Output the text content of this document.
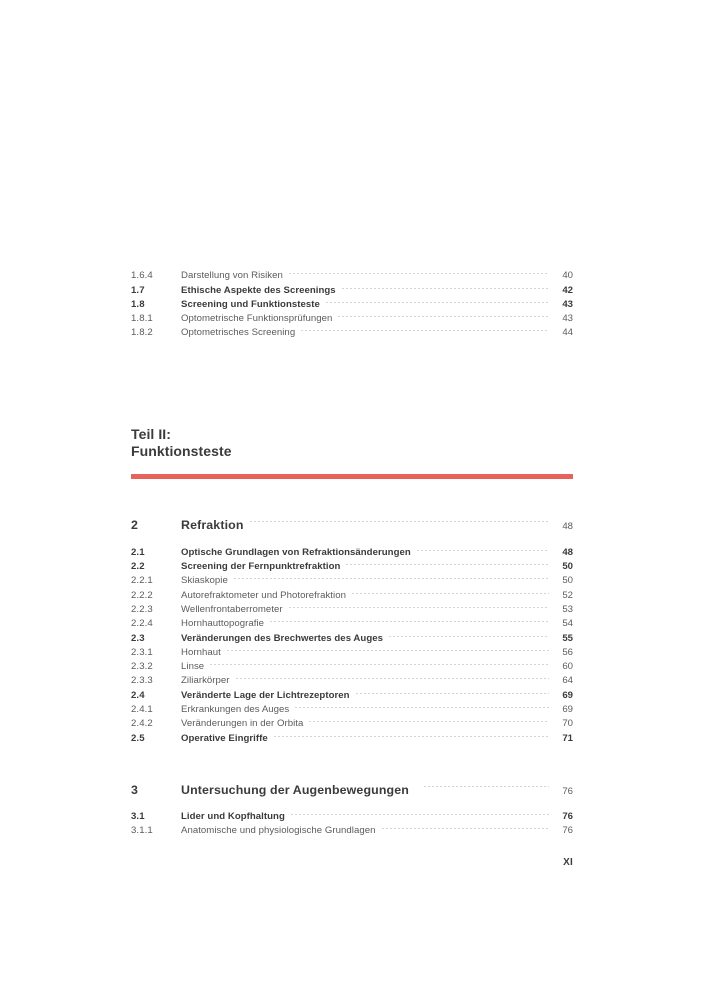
1.6.4	Darstellung von Risiken	40
1.7	Ethische Aspekte des Screenings	42
1.8	Screening und Funktionsteste	43
1.8.1	Optometrische Funktionsprüfungen	43
1.8.2	Optometrisches Screening	44
Teil II:
Funktionsteste
2	Refraktion	48
2.1	Optische Grundlagen von Refraktionsänderungen	48
2.2	Screening der Fernpunktrefraktion	50
2.2.1	Skiaskopie	50
2.2.2	Autorefraktometer und Photorefraktion	52
2.2.3	Wellenfrontaberrometer	53
2.2.4	Hornhauttopografie	54
2.3	Veränderungen des Brechwertes des Auges	55
2.3.1	Hornhaut	56
2.3.2	Linse	60
2.3.3	Ziliarkörper	64
2.4	Veränderte Lage der Lichtrezeptoren	69
2.4.1	Erkrankungen des Auges	69
2.4.2	Veränderungen in der Orbita	70
2.5	Operative Eingriffe	71
3	Untersuchung der Augenbewegungen	76
3.1	Lider und Kopfhaltung	76
3.1.1	Anatomische und physiologische Grundlagen	76
XI
